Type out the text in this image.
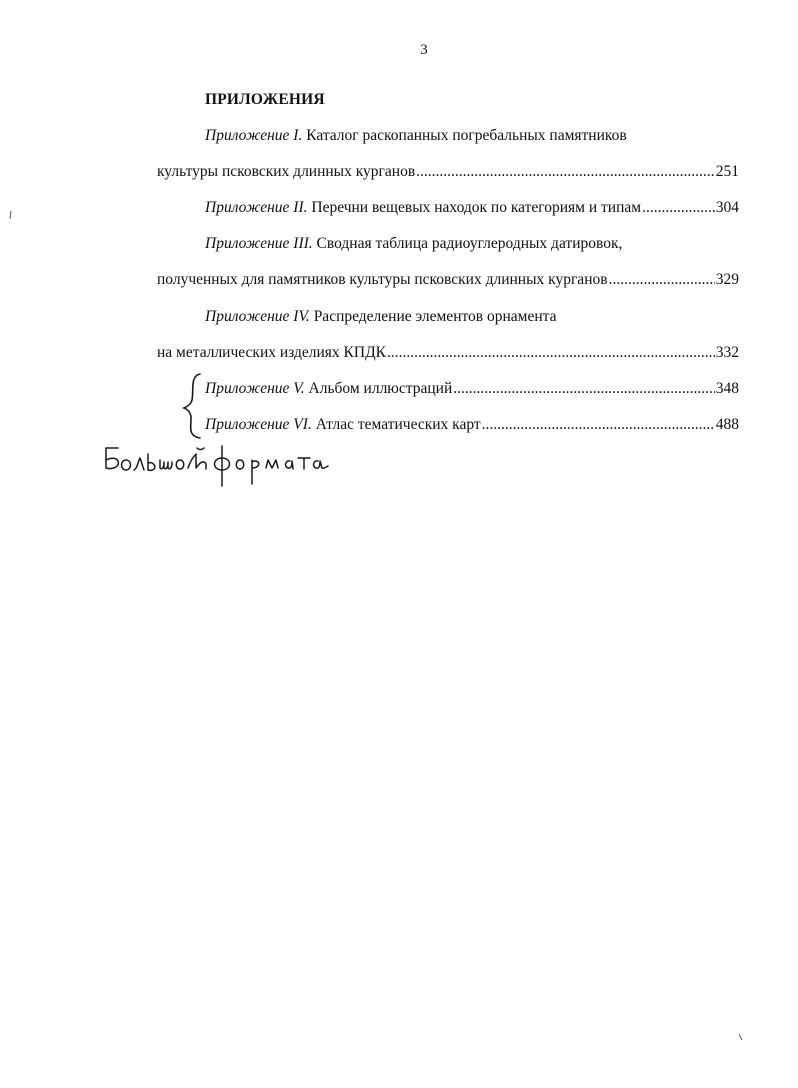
3
ПРИЛОЖЕНИЯ
Приложение I. Каталог раскопанных погребальных памятников
культуры псковских длинных курганов .....	251
Приложение II. Перечни вещевых находок по категориям и типам .....	304
Приложение III. Сводная таблица радиоуглеродных датировок,
полученных для памятников культуры псковских длинных курганов .....	329
Приложение IV. Распределение элементов орнамента
на металлических изделиях КПДК .....	332
Приложение V. Альбом иллюстраций .....	348
Приложение VI. Атлас тематических карт .....	488
